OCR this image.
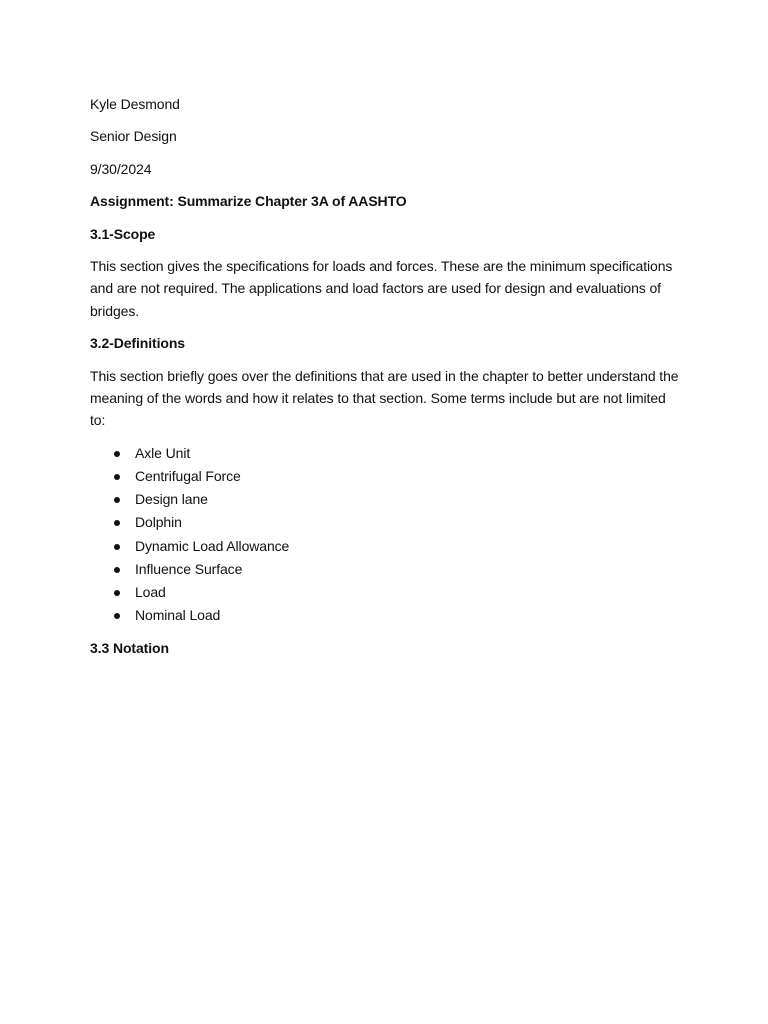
Kyle Desmond
Senior Design
9/30/2024
Assignment: Summarize Chapter 3A of AASHTO
3.1-Scope
This section gives the specifications for loads and forces. These are the minimum specifications and are not required. The applications and load factors are used for design and evaluations of bridges.
3.2-Definitions
This section briefly goes over the definitions that are used in the chapter to better understand the meaning of the words and how it relates to that section. Some terms include but are not limited to:
Axle Unit
Centrifugal Force
Design lane
Dolphin
Dynamic Load Allowance
Influence Surface
Load
Nominal Load
3.3 Notation
